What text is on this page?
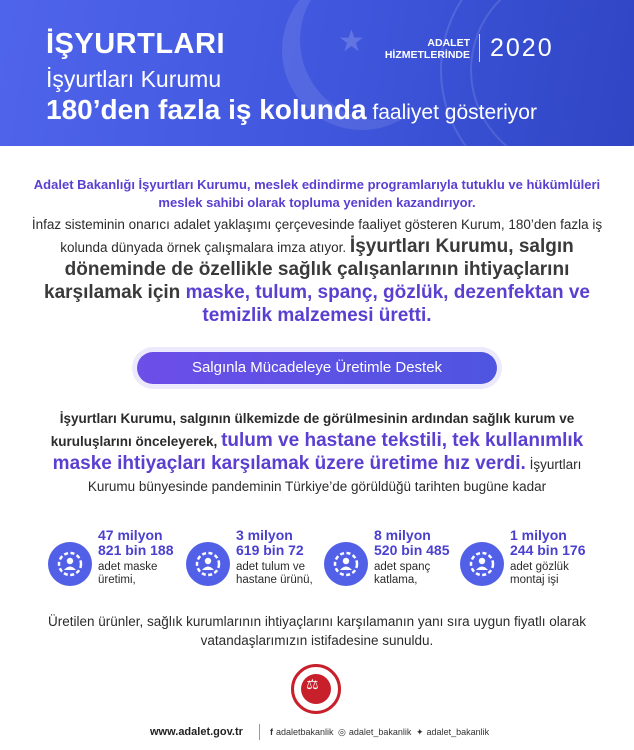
★
İŞYURTLARI
İşyurtları Kurumu
180’den fazla iş kolunda faaliyet gösteriyor
ADALET
HİZMETLERİNDE 2020
Adalet Bakanlığı İşyurtları Kurumu, meslek edindirme programlarıyla tutuklu ve hükümlüleri meslek sahibi olarak topluma yeniden kazandırıyor.
İnfaz sisteminin onarıcı adalet yaklaşımı çerçevesinde faaliyet gösteren Kurum, 180’den fazla iş kolunda dünyada örnek çalışmalara imza atıyor. İşyurtları Kurumu, salgın döneminde de özellikle sağlık çalışanlarının ihtiyaçlarını karşılamak için maske, tulum, spanç, gözlük, dezenfektan ve temizlik malzemesi üretti.
Salgınla Mücadeleye Üretimle Destek
İşyurtları Kurumu, salgının ülkemizde de görülmesinin ardından sağlık kurum ve kuruluşlarını önceleyerek, tulum ve hastane tekstili, tek kullanımlık maske ihtiyaçları karşılamak üzere üretime hız verdi. İşyurtları Kurumu bünyesinde pandeminin Türkiye’de görüldüğü tarihten bugüne kadar
47 milyon
821 bin 188
adet maske
üretimi,
3 milyon
619 bin 72
adet tulum ve
hastane ürünü,
8 milyon
520 bin 485
adet spanç
katlama,
1 milyon
244 bin 176
adet gözlük
montaj işi
Üretilen ürünler, sağlık kurumlarının ihtiyaçlarını karşılamanın yanı sıra uygun fiyatlı olarak vatandaşlarımızın istifadesine sunuldu.
⚖
www.adalet.gov.tr	f adaletbakanlik ◎ adalet_bakanlik ✦ adalet_bakanlik
